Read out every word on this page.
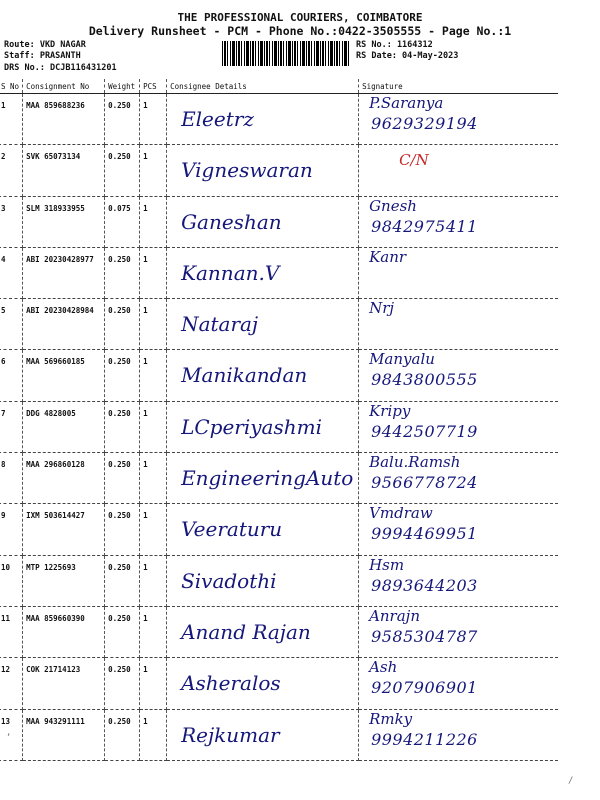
THE PROFESSIONAL COURIERS, COIMBATORE
Delivery Runsheet - PCM - Phone No.:0422-3505555 - Page No.:1
Route: VKD NAGAR
Staff: PRASANTH
DRS No.: DCJB116431201
RS No.: 1164312
RS Date: 04-May-2023
S No	Consignment No	Weight	PCS	Consignee Details	Signature
1	MAA 859688236	0.250	1	Eleetrz	P.Saranya
9629329194

2	SVK 65073134	0.250	1	Vigneswaran	C/N

3	SLM 318933955	0.075	1	Ganeshan	Gnesh
9842975411

4	ABI 20230428977	0.250	1	Kannan.V	Kanr

5	ABI 20230428984	0.250	1	Nataraj	Nrj

6	MAA 569660185	0.250	1	Manikandan	Manyalu
9843800555

7	DDG 4828005	0.250	1	LCperiyashmi	Kripy
9442507719

8	MAA 296860128	0.250	1	EngineeringAuto	Balu.Ramsh
9566778724

9	IXM 503614427	0.250	1	Veeraturu	Vmdraw
9994469951

10	MTP 1225693	0.250	1	Sivadothi	Hsm
9893644203

11	MAA 859660390	0.250	1	Anand Rajan	Anrajn
9585304787

12	COK 21714123	0.250	1	Asheralos	Ash
9207906901

13	MAA 943291111	0.250	1	Rejkumar	Rmky
9994211226
,
/
